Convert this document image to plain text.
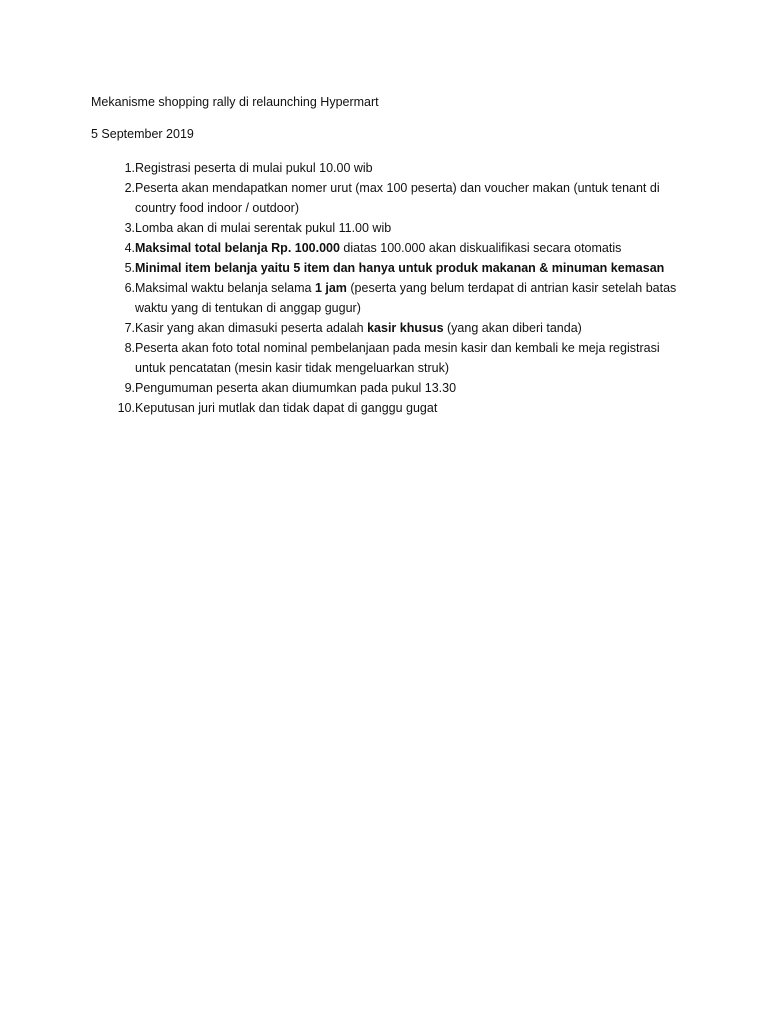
Mekanisme shopping rally di relaunching Hypermart
5 September 2019
1. Registrasi peserta di mulai pukul 10.00 wib
2. Peserta akan mendapatkan nomer urut (max 100 peserta) dan voucher makan (untuk tenant di country food indoor / outdoor)
3. Lomba akan di mulai serentak pukul 11.00 wib
4. Maksimal total belanja Rp. 100.000 diatas 100.000 akan diskualifikasi secara otomatis
5. Minimal item belanja yaitu 5 item dan hanya untuk produk makanan & minuman kemasan
6. Maksimal waktu belanja selama 1 jam (peserta yang belum terdapat di antrian kasir setelah batas waktu yang di tentukan di anggap gugur)
7. Kasir yang akan dimasuki peserta adalah kasir khusus (yang akan diberi tanda)
8. Peserta akan foto total nominal pembelanjaan pada mesin kasir dan kembali ke meja registrasi untuk pencatatan (mesin kasir tidak mengeluarkan struk)
9. Pengumuman peserta akan diumumkan pada pukul 13.30
10. Keputusan juri mutlak dan tidak dapat di ganggu gugat
